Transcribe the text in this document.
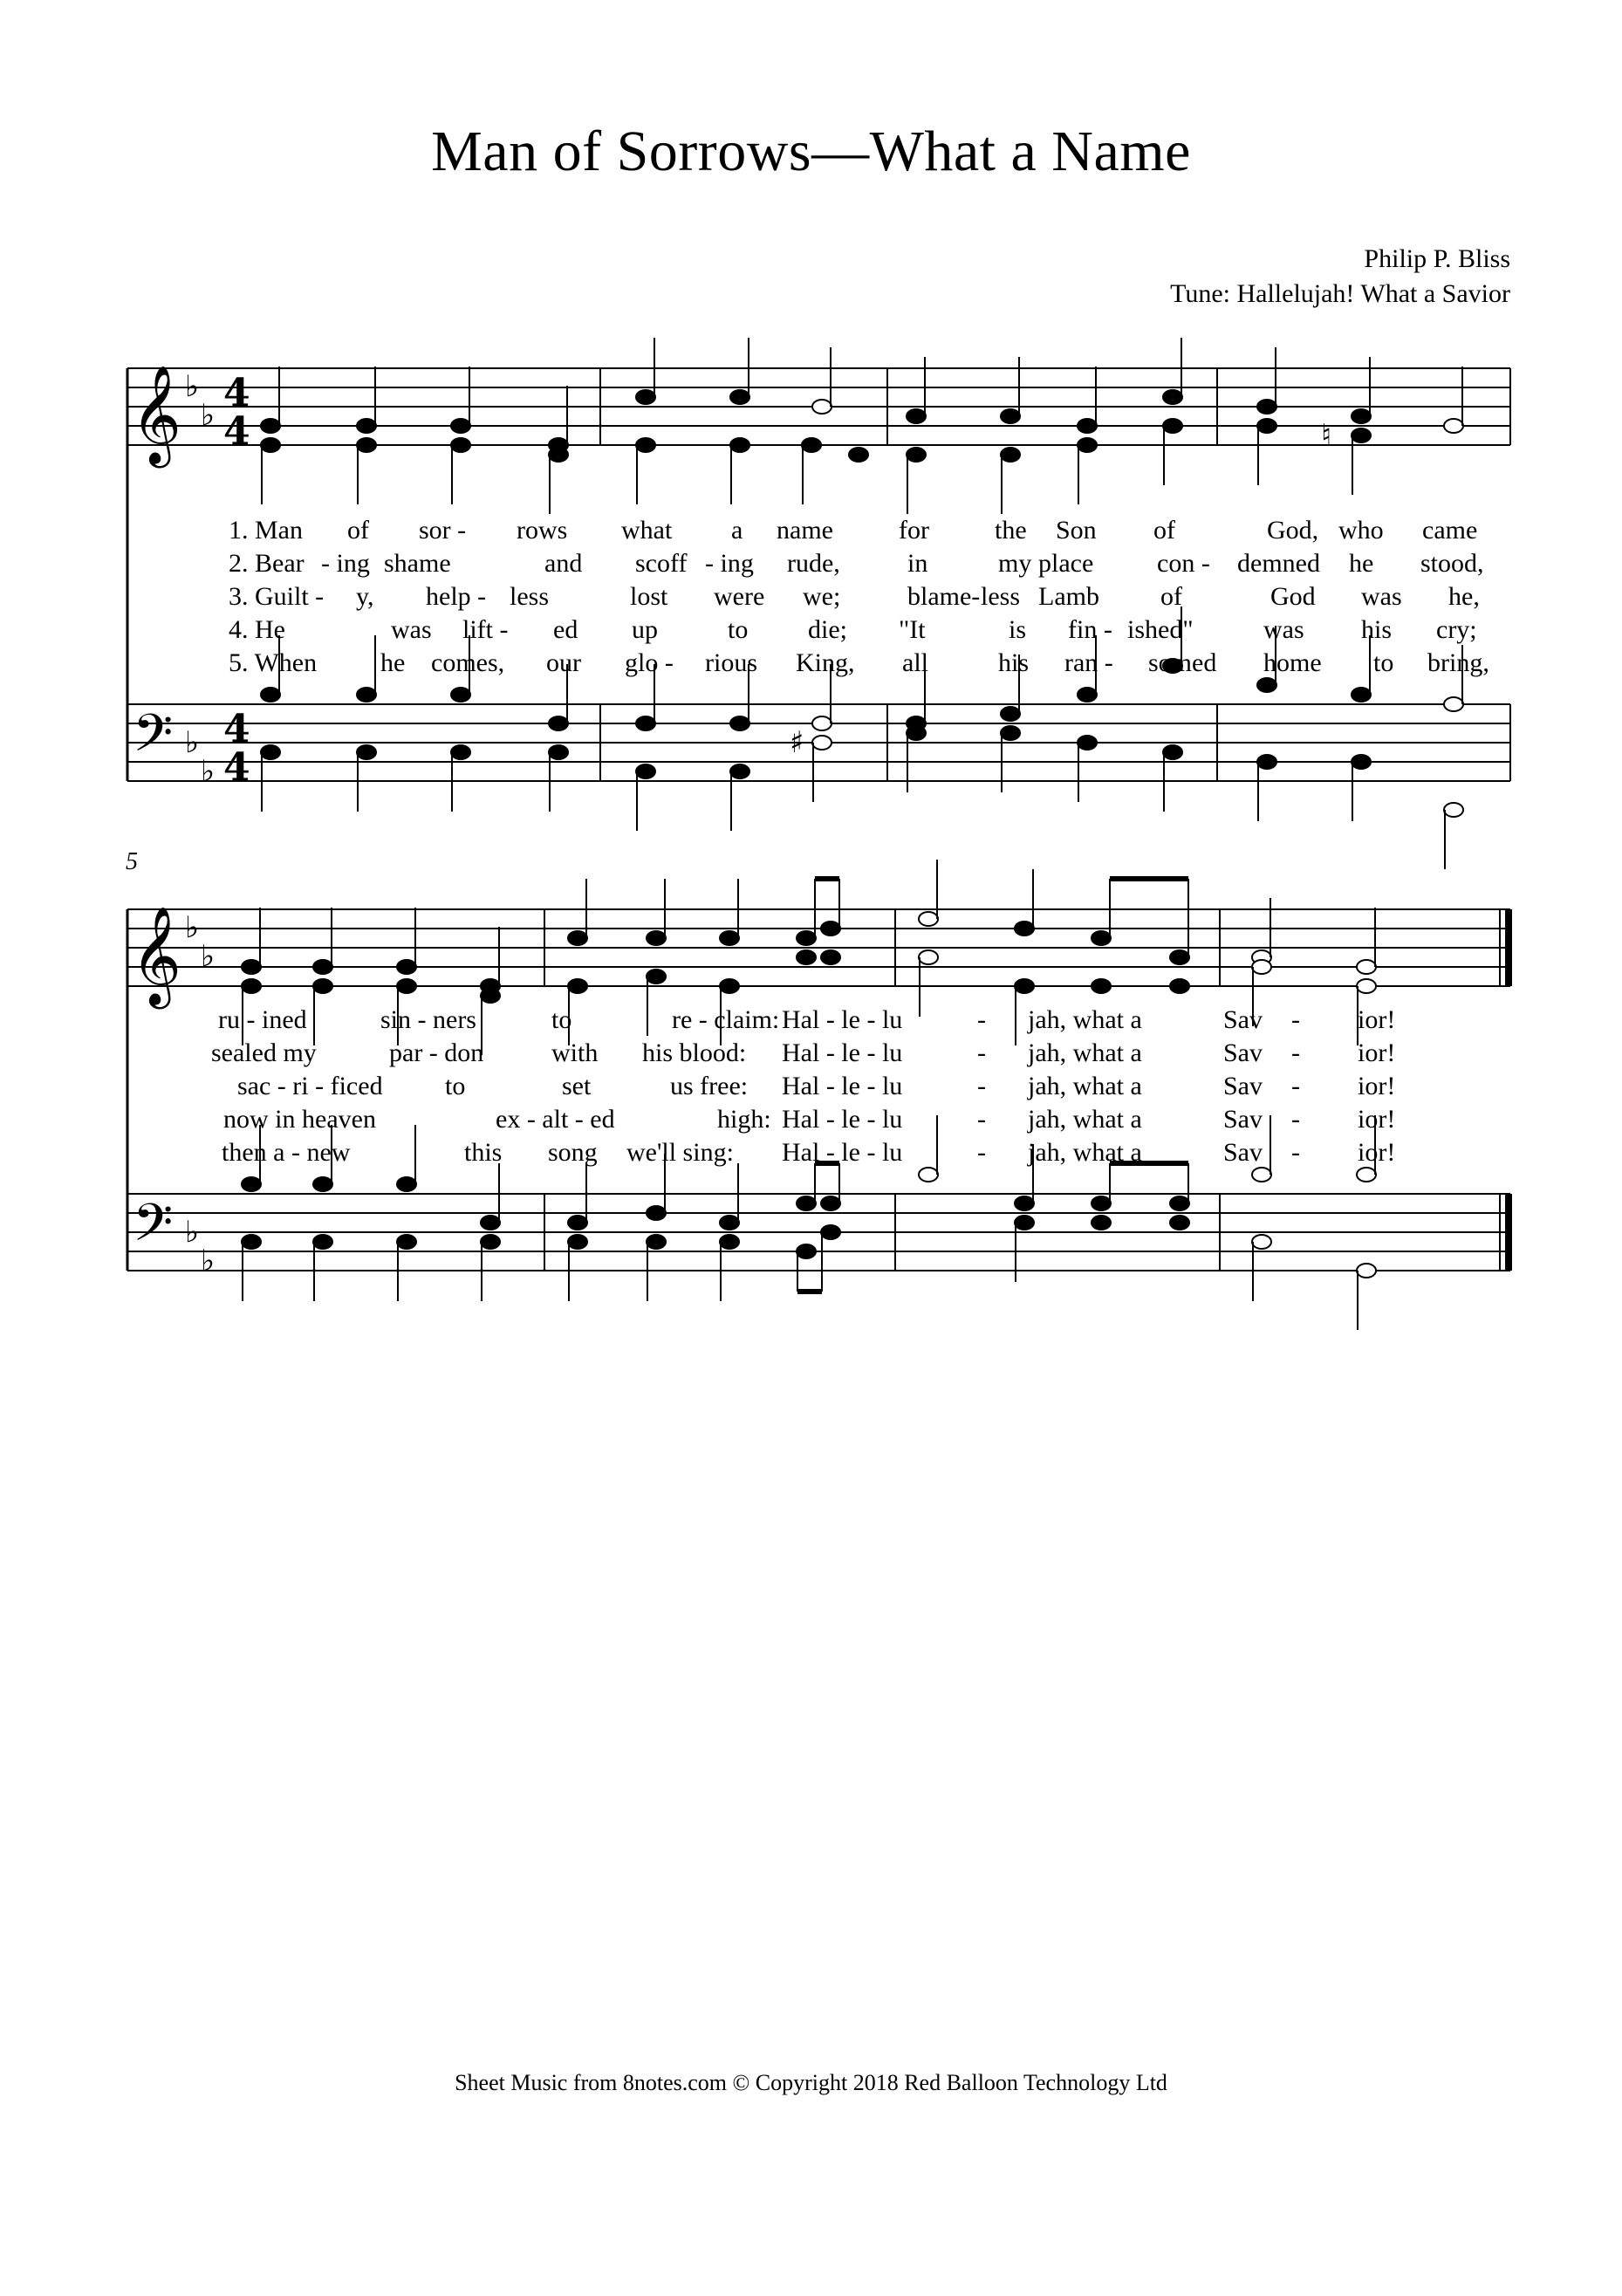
Man of Sorrows—What a Name
Philip P. Bliss
Tune: Hallelujah! What a Savior
𝄞
𝄢
♭
♭
♭
♭
4
4
4
4
♮
♯
1. Man of sor - rows what a name	for	the Son of	God, who came
2. Bear - ing shame	and scoff - ing rude,	in	my place con - demned he stood,
3. Guilt - y, help - less	lost were we;	blame- less Lamb of	God was he,
4. He	was lift - ed up	to die; "It	is fin - ished"	was his cry;
5. When he comes, our glo - rious King, all	his ran - somed home to bring,
5
𝄞
𝄢
♭
♭
♭
♭
ru - ined	sin - ners	to	re - claim: Hal - le - lu	- jah, what a	Sav - ior!
sealed my	par - don	with his blood: Hal - le - lu	- jah, what a	Sav - ior!
sac - ri - ficed to	set	us free: Hal - le - lu	- jah, what a	Sav - ior!
now in heaven	ex - alt - ed	high: Hal - le - lu	- jah, what a	Sav - ior!
then a - new	this song we'll sing: Hal - le - lu	- jah, what a	Sav - ior!
Sheet Music from 8notes.com © Copyright 2018 Red Balloon Technology Ltd
